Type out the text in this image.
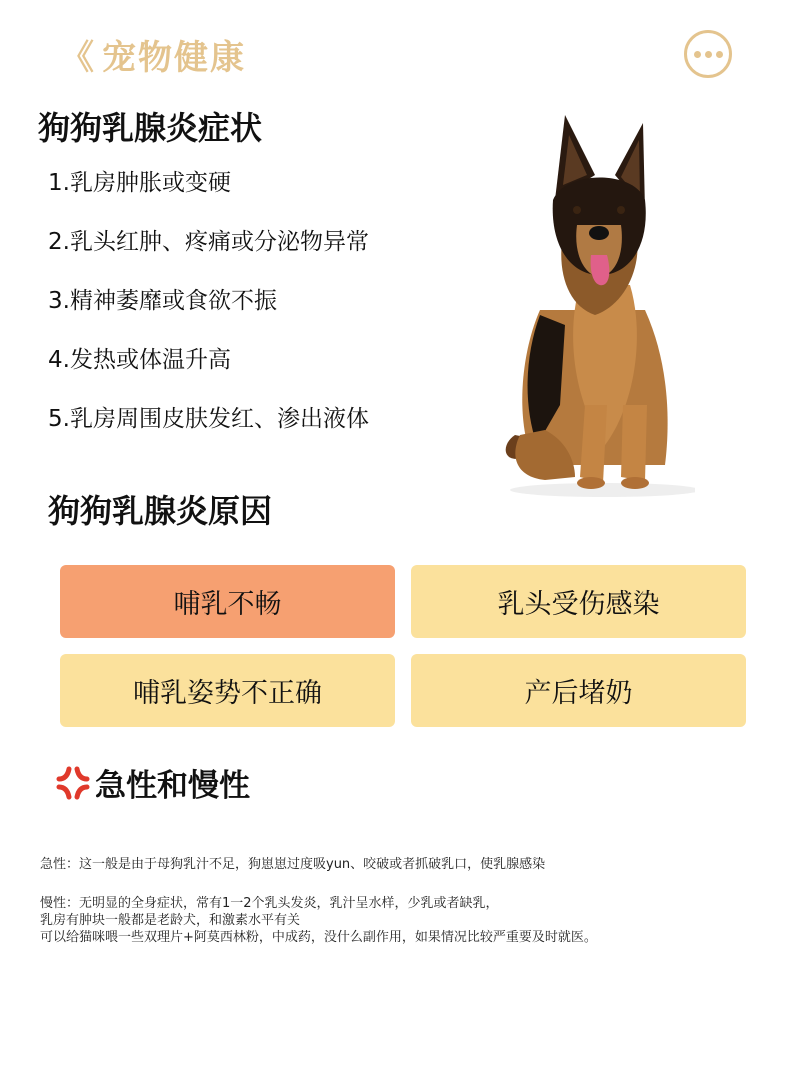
《 宠物健康
狗狗乳腺炎症状
1.乳房肿胀或变硬
2.乳头红肿、疼痛或分泌物异常
3.精神萎靡或食欲不振
4.发热或体温升高
5.乳房周围皮肤发红、渗出液体
狗狗乳腺炎原因
哺乳不畅	乳头受伤感染
哺乳姿势不正确	产后堵奶
急性和慢性

急性：这一般是由于母狗乳汁不足，狗崽崽过度吸yun、咬破或者抓破乳口，使乳腺感染

慢性：无明显的全身症状，常有1一2个乳头发炎，乳汁呈水样，少乳或者缺乳，

乳房有肿块一般都是老龄犬，和激素水平有关

可以给猫咪喂一些双理片+阿莫西林粉，中成药，没什么副作用，如果情况比较严重要及时就医。
